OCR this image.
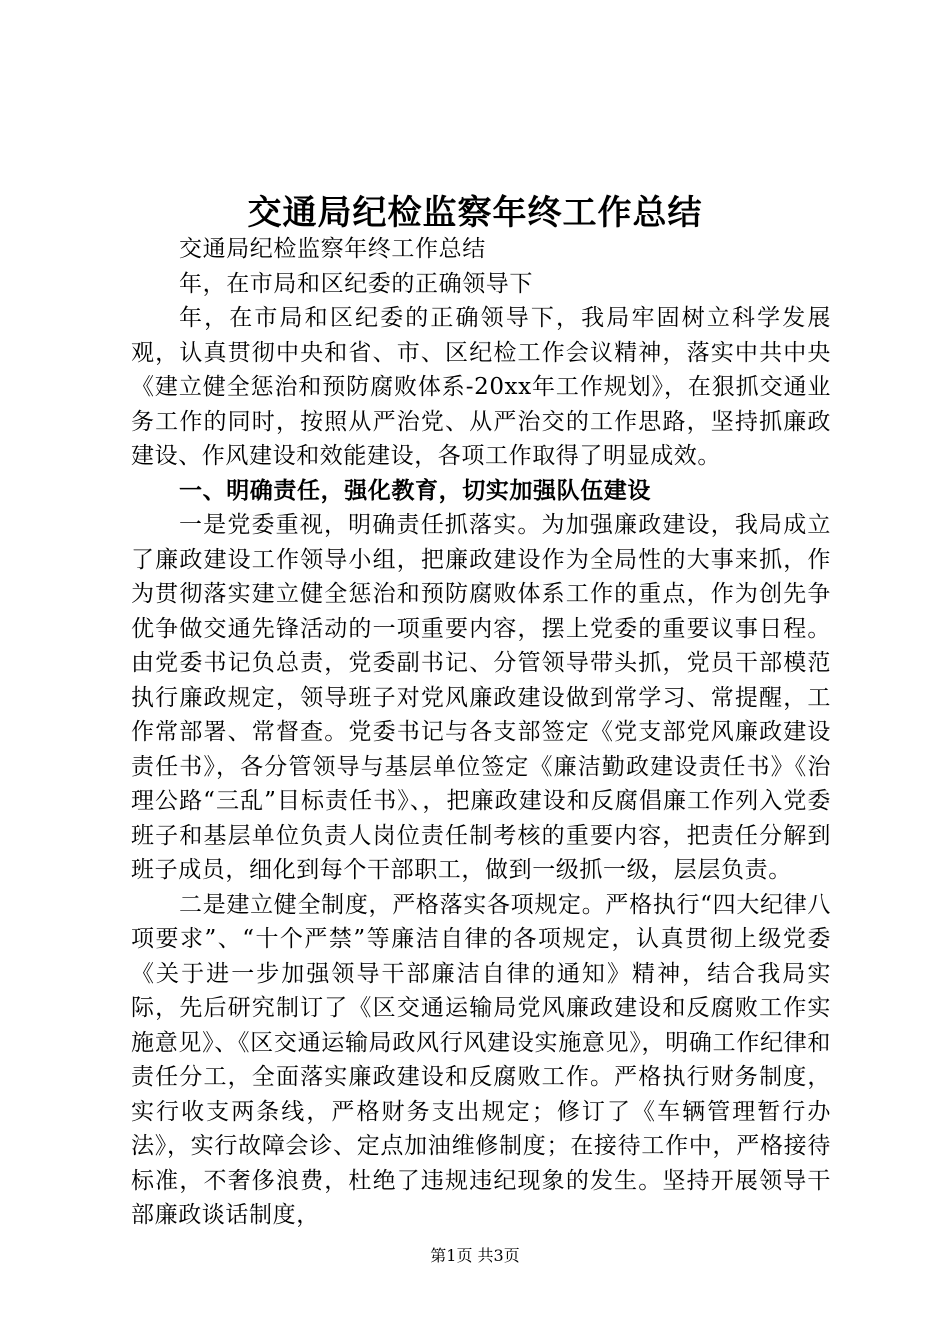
交通局纪检监察年终工作总结

交通局纪检监察年终工作总结

年，在市局和区纪委的正确领导下

年，在市局和区纪委的正确领导下，我局牢固树立科学发展观，认真贯彻中央和省、市、区纪检工作会议精神，落实中共中央《建立健全惩治和预防腐败体系-20xx年工作规划》，在狠抓交通业务工作的同时，按照从严治党、从严治交的工作思路，坚持抓廉政建设、作风建设和效能建设，各项工作取得了明显成效。

一、明确责任，强化教育，切实加强队伍建设

一是党委重视，明确责任抓落实。为加强廉政建设，我局成立了廉政建设工作领导小组，把廉政建设作为全局性的大事来抓，作为贯彻落实建立健全惩治和预防腐败体系工作的重点，作为创先争优争做交通先锋活动的一项重要内容，摆上党委的重要议事日程。由党委书记负总责，党委副书记、分管领导带头抓，党员干部模范执行廉政规定，领导班子对党风廉政建设做到常学习、常提醒，工作常部署、常督查。党委书记与各支部签定《党支部党风廉政建设责任书》，各分管领导与基层单位签定《廉洁勤政建设责任书》《治理公路“三乱”目标责任书》、，把廉政建设和反腐倡廉工作列入党委班子和基层单位负责人岗位责任制考核的重要内容，把责任分解到班子成员，细化到每个干部职工，做到一级抓一级，层层负责。

二是建立健全制度，严格落实各项规定。严格执行“四大纪律八项要求”、“十个严禁”等廉洁自律的各项规定，认真贯彻上级党委《关于进一步加强领导干部廉洁自律的通知》精神，结合我局实际，先后研究制订了《区交通运输局党风廉政建设和反腐败工作实施意见》、《区交通运输局政风行风建设实施意见》，明确工作纪律和责任分工，全面落实廉政建设和反腐败工作。严格执行财务制度，实行收支两条线，严格财务支出规定；修订了《车辆管理暂行办法》，实行故障会诊、定点加油维修制度；在接待工作中，严格接待标准，不奢侈浪费，杜绝了违规违纪现象的发生。坚持开展领导干部廉政谈话制度，

第1页 共3页
